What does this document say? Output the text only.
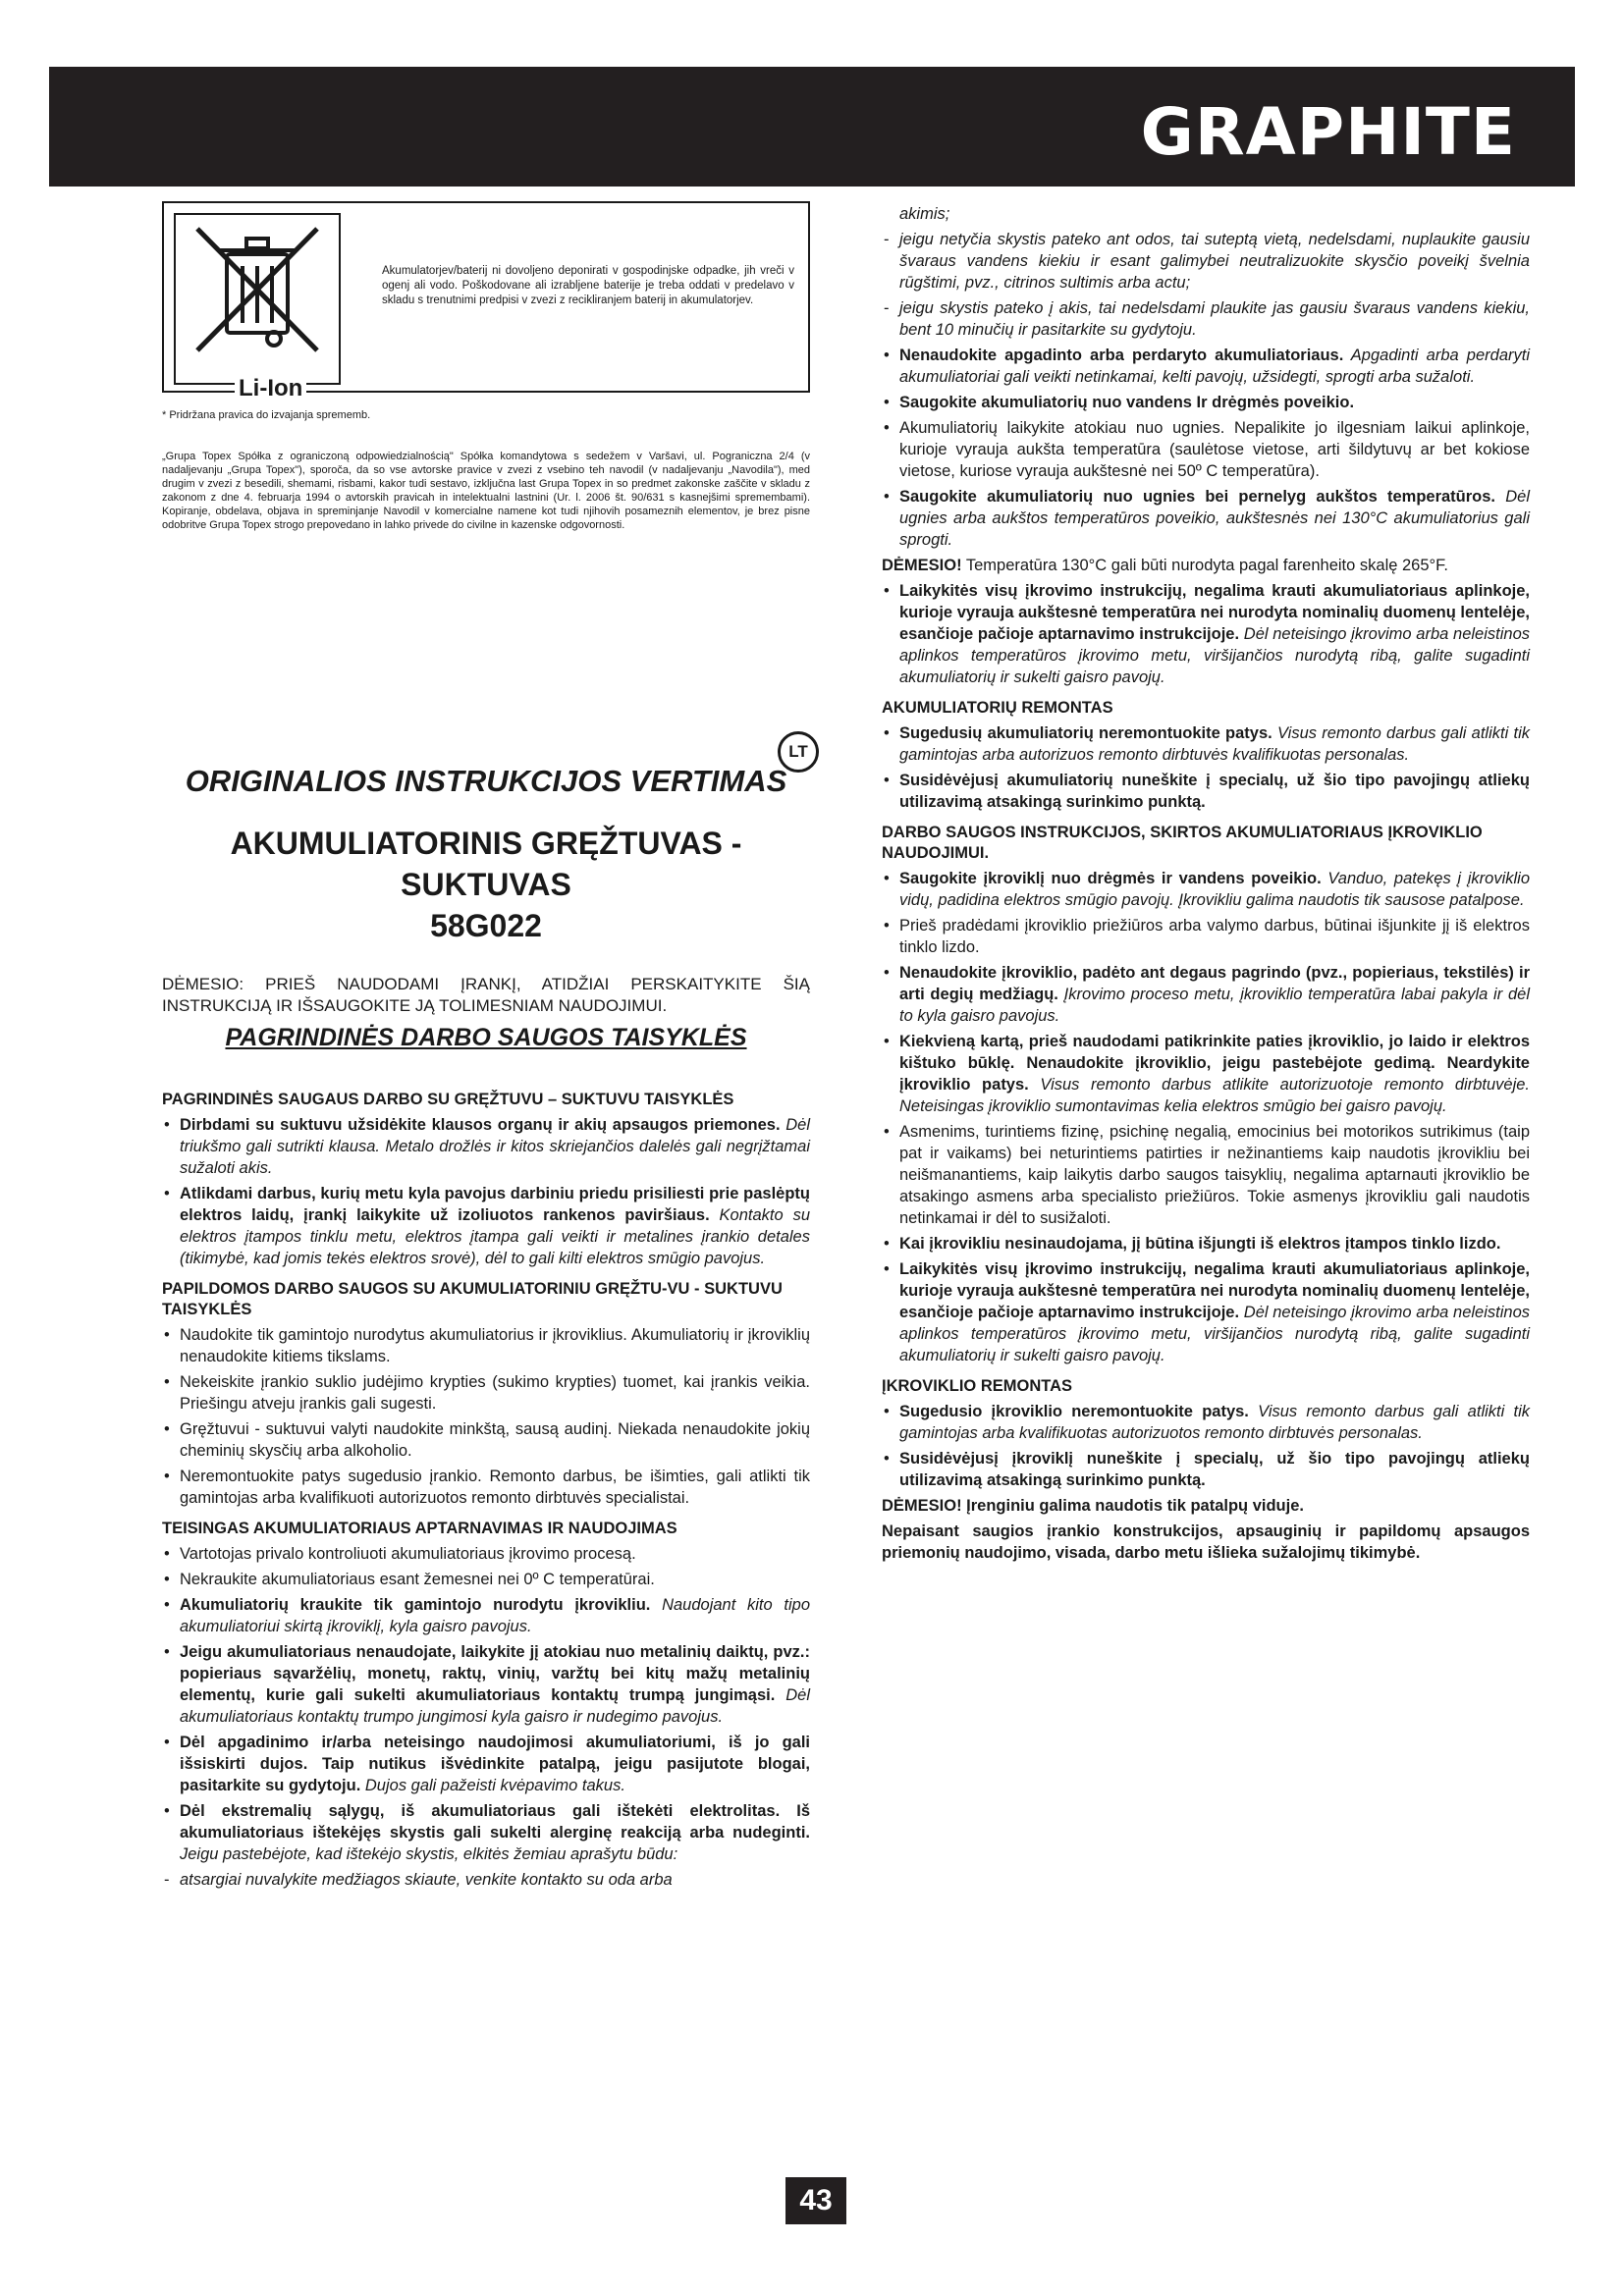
GRAPHITE
Li-Ion
Akumulatorjev/baterij ni dovoljeno deponirati v gospodinjske odpadke, jih vreči v ogenj ali vodo. Poškodovane ali izrabljene baterije je treba oddati v predelavo v skladu s trenutnimi predpisi v zvezi z recikliranjem baterij in akumulatorjev.
* Pridržana pravica do izvajanja sprememb.
„Grupa Topex Spółka z ograniczoną odpowiedzialnością" Spółka komandytowa s sedežem v Varšavi, ul. Pograniczna 2/4 (v nadaljevanju „Grupa Topex"), sporoča, da so vse avtorske pravice v zvezi z vsebino teh navodil (v nadaljevanju „Navodila"), med drugim v zvezi z besedili, shemami, risbami, kakor tudi sestavo, izključna last Grupa Topex in so predmet zakonske zaščite v skladu z zakonom z dne 4. februarja 1994 o avtorskih pravicah in intelektualni lastnini (Ur. l. 2006 št. 90/631 s kasnejšimi spremembami). Kopiranje, obdelava, objava in spreminjanje Navodil v komercialne namene kot tudi njihovih posameznih elementov, je brez pisne odobritve Grupa Topex strogo prepovedano in lahko privede do civilne in kazenske odgovornosti.
LT
ORIGINALIOS INSTRUKCIJOS VERTIMAS
AKUMULIATORINIS GRĘŽTUVAS -
SUKTUVAS
58G022
DĖMESIO: PRIEŠ NAUDODAMI ĮRANKĮ, ATIDŽIAI PERSKAITYKITE ŠIĄ INSTRUKCIJĄ IR IŠSAUGOKITE JĄ TOLIMESNIAM NAUDOJIMUI.
PAGRINDINĖS DARBO SAUGOS TAISYKLĖS
PAGRINDINĖS SAUGAUS DARBO SU GRĘŽTUVU – SUKTUVU TAISYKLĖS
• Dirbdami su suktuvu užsidėkite klausos organų ir akių apsaugos priemones. Dėl triukšmo gali sutrikti klausa. Metalo drožlės ir kitos skriejančios dalelės gali negrįžtamai sužaloti akis.
• Atlikdami darbus, kurių metu kyla pavojus darbiniu priedu prisiliesti prie paslėptų elektros laidų, įrankį laikykite už izoliuotos rankenos paviršiaus. Kontakto su elektros įtampos tinklu metu, elektros įtampa gali veikti ir metalines įrankio detales (tikimybė, kad jomis tekės elektros srovė), dėl to gali kilti elektros smūgio pavojus.
PAPILDOMOS DARBO SAUGOS SU AKUMULIATORINIU GRĘŽTU-VU - SUKTUVU TAISYKLĖS
• Naudokite tik gamintojo nurodytus akumuliatorius ir įkroviklius. Akumuliatorių ir įkroviklių nenaudokite kitiems tikslams.
• Nekeiskite įrankio suklio judėjimo krypties (sukimo krypties) tuomet, kai įrankis veikia. Priešingu atveju įrankis gali sugesti.
• Gręžtuvui - suktuvui valyti naudokite minkštą, sausą audinį. Niekada nenaudokite jokių cheminių skysčių arba alkoholio.
• Neremontuokite patys sugedusio įrankio. Remonto darbus, be išimties, gali atlikti tik gamintojas arba kvalifikuoti autorizuotos remonto dirbtuvės specialistai.
TEISINGAS AKUMULIATORIAUS APTARNAVIMAS IR NAUDOJIMAS
• Vartotojas privalo kontroliuoti akumuliatoriaus įkrovimo procesą.
• Nekraukite akumuliatoriaus esant žemesnei nei 0º C temperatūrai.
• Akumuliatorių kraukite tik gamintojo nurodytu įkrovikliu. Naudojant kito tipo akumuliatoriui skirtą įkroviklį, kyla gaisro pavojus.
• Jeigu akumuliatoriaus nenaudojate, laikykite jį atokiau nuo metalinių daiktų, pvz.: popieriaus sąvaržėlių, monetų, raktų, vinių, varžtų bei kitų mažų metalinių elementų, kurie gali sukelti akumuliatoriaus kontaktų trumpą jungimąsi. Dėl akumuliatoriaus kontaktų trumpo jungimosi kyla gaisro ir nudegimo pavojus.
• Dėl apgadinimo ir/arba neteisingo naudojimosi akumuliatoriumi, iš jo gali išsiskirti dujos. Taip nutikus išvėdinkite patalpą, jeigu pasijutote blogai, pasitarkite su gydytoju. Dujos gali pažeisti kvėpavimo takus.
• Dėl ekstremalių sąlygų, iš akumuliatoriaus gali ištekėti elektrolitas. Iš akumuliatoriaus ištekėjęs skystis gali sukelti alerginę reakciją arba nudeginti. Jeigu pastebėjote, kad ištekėjo skystis, elkitės žemiau aprašytu būdu:
- atsargiai nuvalykite medžiagos skiaute, venkite kontakto su oda arba
akimis;
- jeigu netyčia skystis pateko ant odos, tai suteptą vietą, nedelsdami, nuplaukite gausiu švaraus vandens kiekiu ir esant galimybei neutralizuokite skysčio poveikį švelnia rūgštimi, pvz., citrinos sultimis arba actu;
- jeigu skystis pateko į akis, tai nedelsdami plaukite jas gausiu švaraus vandens kiekiu, bent 10 minučių ir pasitarkite su gydytoju.
• Nenaudokite apgadinto arba perdaryto akumuliatoriaus. Apgadinti arba perdaryti akumuliatoriai gali veikti netinkamai, kelti pavojų, užsidegti, sprogti arba sužaloti.
• Saugokite akumuliatorių nuo vandens Ir drėgmės poveikio.
• Akumuliatorių laikykite atokiau nuo ugnies. Nepalikite jo ilgesniam laikui aplinkoje, kurioje vyrauja aukšta temperatūra (saulėtose vietose, arti šildytuvų ar bet kokiose vietose, kuriose vyrauja aukštesnė nei 50º C temperatūra).
• Saugokite akumuliatorių nuo ugnies bei pernelyg aukštos temperatūros. Dėl ugnies arba aukštos temperatūros poveikio, aukštesnės nei 130°C akumuliatorius gali sprogti.
DĖMESIO! Temperatūra 130°C gali būti nurodyta pagal farenheito skalę 265°F.
• Laikykitės visų įkrovimo instrukcijų, negalima krauti akumuliatoriaus aplinkoje, kurioje vyrauja aukštesnė temperatūra nei nurodyta nominalių duomenų lentelėje, esančioje pačioje aptarnavimo instrukcijoje. Dėl neteisingo įkrovimo arba neleistinos aplinkos temperatūros įkrovimo metu, viršijančios nurodytą ribą, galite sugadinti akumuliatorių ir sukelti gaisro pavojų.
AKUMULIATORIŲ REMONTAS
• Sugedusių akumuliatorių neremontuokite patys. Visus remonto darbus gali atlikti tik gamintojas arba autorizuos remonto dirbtuvės kvalifikuotas personalas.
• Susidėvėjusį akumuliatorių nuneškite į specialų, už šio tipo pavojingų atliekų utilizavimą atsakingą surinkimo punktą.
DARBO SAUGOS INSTRUKCIJOS, SKIRTOS AKUMULIATORIAUS ĮKROVIKLIO NAUDOJIMUI.
• Saugokite įkroviklį nuo drėgmės ir vandens poveikio. Vanduo, patekęs į įkroviklio vidų, padidina elektros smūgio pavojų. Įkrovikliu galima naudotis tik sausose patalpose.
• Prieš pradėdami įkroviklio priežiūros arba valymo darbus, būtinai išjunkite jį iš elektros tinklo lizdo.
• Nenaudokite įkroviklio, padėto ant degaus pagrindo (pvz., popieriaus, tekstilės) ir arti degių medžiagų. Įkrovimo proceso metu, įkroviklio temperatūra labai pakyla ir dėl to kyla gaisro pavojus.
• Kiekvieną kartą, prieš naudodami patikrinkite paties įkroviklio, jo laido ir elektros kištuko būklę. Nenaudokite įkroviklio, jeigu pastebėjote gedimą. Neardykite įkroviklio patys. Visus remonto darbus atlikite autorizuotoje remonto dirbtuvėje. Neteisingas įkroviklio sumontavimas kelia elektros smūgio bei gaisro pavojų.
• Asmenims, turintiems fizinę, psichinę negalią, emocinius bei motorikos sutrikimus (taip pat ir vaikams) bei neturintiems patirties ir nežinantiems kaip naudotis įkrovikliu bei neišmanantiems, kaip laikytis darbo saugos taisyklių, negalima aptarnauti įkroviklio be atsakingo asmens arba specialisto priežiūros. Tokie asmenys įkrovikliu gali naudotis netinkamai ir dėl to susižaloti.
• Kai įkrovikliu nesinaudojama, jį būtina išjungti iš elektros įtampos tinklo lizdo.
• Laikykitės visų įkrovimo instrukcijų, negalima krauti akumuliatoriaus aplinkoje, kurioje vyrauja aukštesnė temperatūra nei nurodyta nominalių duomenų lentelėje, esančioje pačioje aptarnavimo instrukcijoje. Dėl neteisingo įkrovimo arba neleistinos aplinkos temperatūros įkrovimo metu, viršijančios nurodytą ribą, galite sugadinti akumuliatorių ir sukelti gaisro pavojų.
ĮKROVIKLIO REMONTAS
• Sugedusio įkroviklio neremontuokite patys. Visus remonto darbus gali atlikti tik gamintojas arba kvalifikuotas autorizuotos remonto dirbtuvės personalas.
• Susidėvėjusį įkroviklį nuneškite į specialų, už šio tipo pavojingų atliekų utilizavimą atsakingą surinkimo punktą.
DĖMESIO! Įrenginiu galima naudotis tik patalpų viduje.
Nepaisant saugios įrankio konstrukcijos, apsauginių ir papildomų apsaugos priemonių naudojimo, visada, darbo metu išlieka sužalojimų tikimybė.
43
